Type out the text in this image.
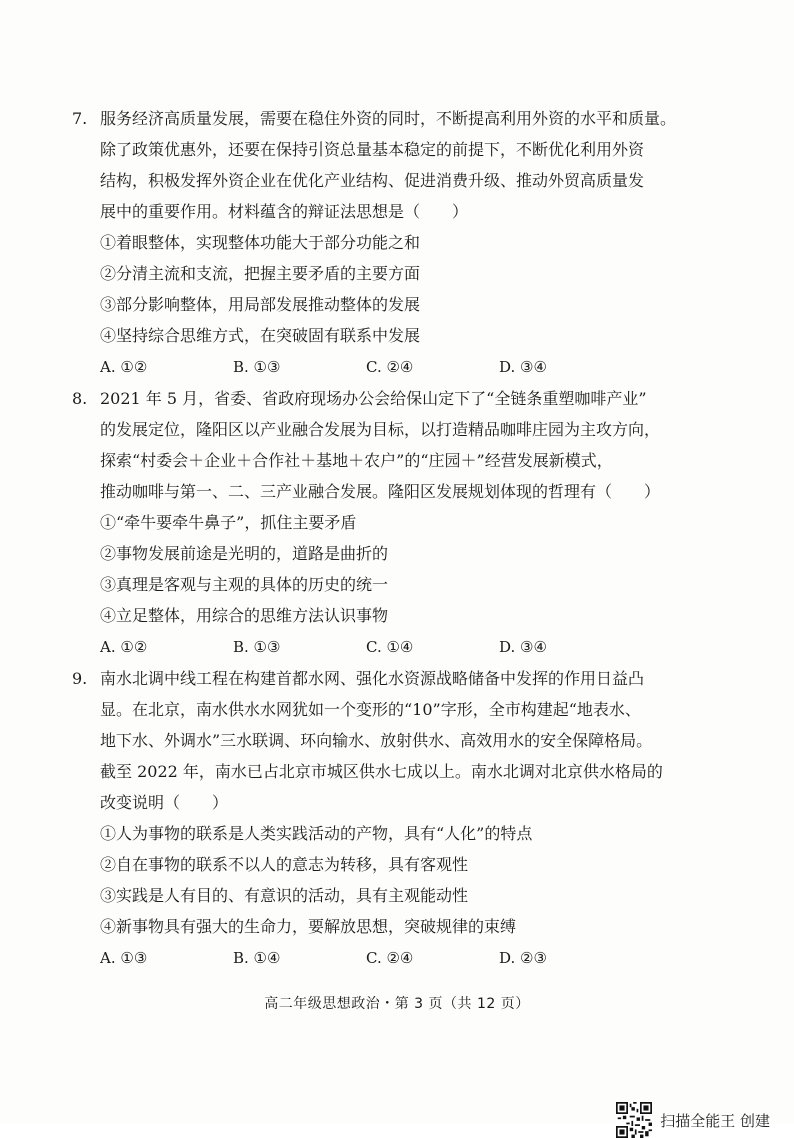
7. 服务经济高质量发展，需要在稳住外资的同时，不断提高利用外资的水平和质量。
除了政策优惠外，还要在保持引资总量基本稳定的前提下，不断优化利用外资
结构，积极发挥外资企业在优化产业结构、促进消费升级、推动外贸高质量发
展中的重要作用。材料蕴含的辩证法思想是（　　）
①着眼整体，实现整体功能大于部分功能之和
②分清主流和支流，把握主要矛盾的主要方面
③部分影响整体，用局部发展推动整体的发展
④坚持综合思维方式，在突破固有联系中发展
A. ①②	B. ①③	C. ②④	D. ③④
8. 2021 年 5 月，省委、省政府现场办公会给保山定下了“全链条重塑咖啡产业”
的发展定位，隆阳区以产业融合发展为目标，以打造精品咖啡庄园为主攻方向，
探索“村委会＋企业＋合作社＋基地＋农户”的“庄园＋”经营发展新模式，
推动咖啡与第一、二、三产业融合发展。隆阳区发展规划体现的哲理有（　　）
①“牵牛要牵牛鼻子”，抓住主要矛盾
②事物发展前途是光明的，道路是曲折的
③真理是客观与主观的具体的历史的统一
④立足整体，用综合的思维方法认识事物
A. ①②	B. ①③	C. ①④	D. ③④
9. 南水北调中线工程在构建首都水网、强化水资源战略储备中发挥的作用日益凸
显。在北京，南水供水水网犹如一个变形的“10”字形，全市构建起“地表水、
地下水、外调水”三水联调、环向输水、放射供水、高效用水的安全保障格局。
截至 2022 年，南水已占北京市城区供水七成以上。南水北调对北京供水格局的
改变说明（　　）
①人为事物的联系是人类实践活动的产物，具有“人化”的特点
②自在事物的联系不以人的意志为转移，具有客观性
③实践是人有目的、有意识的活动，具有主观能动性
④新事物具有强大的生命力，要解放思想，突破规律的束缚
A. ①③	B. ①④	C. ②④	D. ②③
高二年级思想政治・第 3 页（共 12 页）
扫描全能王 创建
